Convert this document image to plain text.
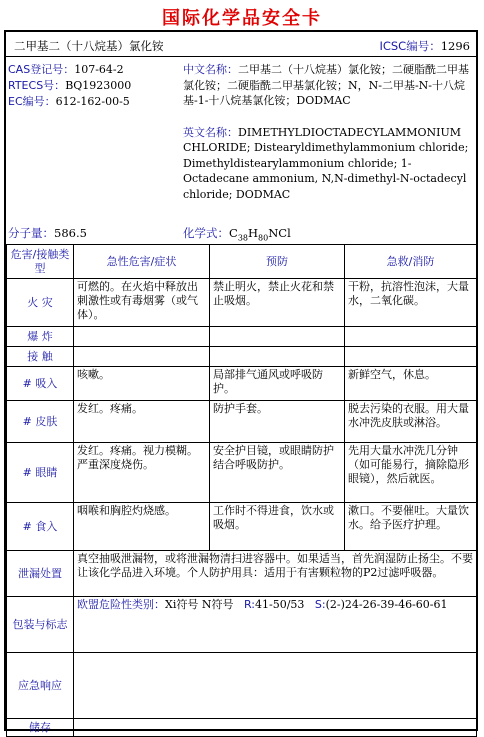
国际化学品安全卡
二甲基二（十八烷基）氯化铵	ICSC编号：1296
CAS登记号：107-64-2
RTECS号：BQ1923000
EC编号：612-162-00-5
中文名称：二甲基二（十八烷基）氯化铵；二硬脂酰二甲基氯化铵；二硬脂酰二甲基氯化铵；N，N-二甲基-N-十八烷基-1-十八烷基氯化铵；DODMAC
英文名称：DIMETHYLDIOCTADECYLAMMONIUM CHLORIDE; Distearyldimethylammonium chloride; Dimethyldistearylammonium chloride; 1-Octadecane ammonium, N,N-dimethyl-N-octadecyl chloride; DODMAC
分子量：586.5	化学式：$C_{38}H_{80}NCl$
危害/接触类型	急性危害/症状	预防	急救/消防
火 灾	可燃的。在火焰中释放出刺激性或有毒烟雾（或气体）。	禁止明火，禁止火花和禁止吸烟。	干粉，抗溶性泡沫，大量水，二氧化碳。
爆 炸			
接 触			
# 吸入	咳嗽。	局部排气通风或呼吸防护。	新鲜空气，休息。
# 皮肤	发红。疼痛。	防护手套。	脱去污染的衣服。用大量水冲洗皮肤或淋浴。
# 眼睛	发红。疼痛。视力模糊。严重深度烧伤。	安全护目镜，或眼睛防护结合呼吸防护。	先用大量水冲洗几分钟（如可能易行，摘除隐形眼镜），然后就医。
# 食入	咽喉和胸腔灼烧感。	工作时不得进食，饮水或吸烟。	漱口。不要催吐。大量饮水。给予医疗护理。
泄漏处置	真空抽吸泄漏物，或将泄漏物清扫进容器中。如果适当，首先润湿防止扬尘。不要让该化学品进入环境。个人防护用具：适用于有害颗粒物的P2过滤呼吸器。		
包装与标志	欧盟危险性类别：Xi符号 N符号 R:41-50/53 S:(2-)24-26-39-46-60-61		
应急响应			
储存			
